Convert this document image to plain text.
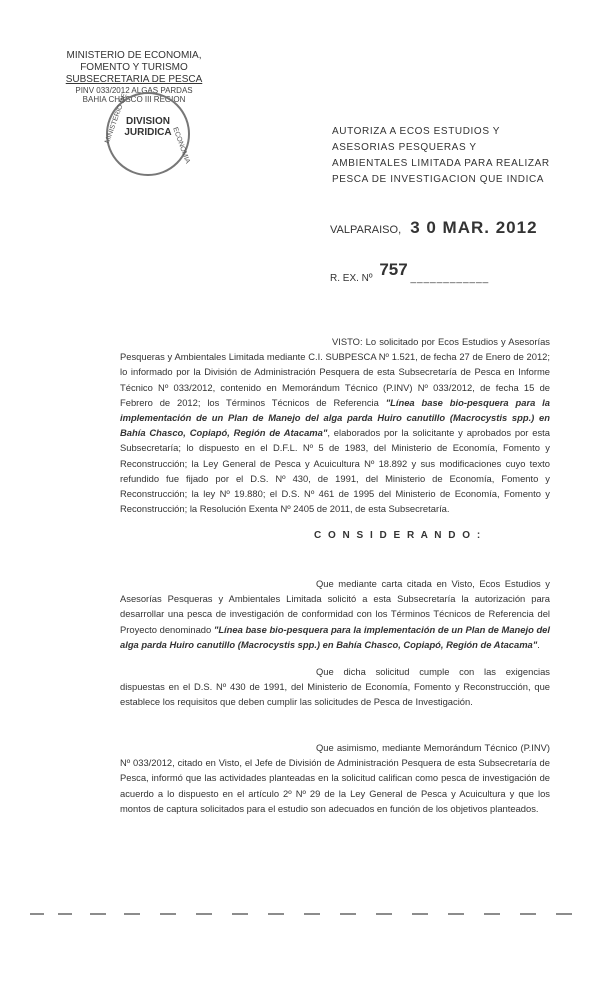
MINISTERIO DE ECONOMIA,
FOMENTO Y TURISMO
SUBSECRETARIA DE PESCA
PINV 033/2012 ALGAS PARDAS
BAHIA CHASCO III REGION
MINISTERIO DE
ECONOMIA
DIVISION
JURIDICA	AUTORIZA A ECOS ESTUDIOS Y ASESORIAS PESQUERAS Y AMBIENTALES LIMITADA PARA REALIZAR PESCA DE INVESTIGACION QUE INDICA
VALPARAISO, 3 0 MAR. 2012
R. EX. Nº 757 ____________
VISTO: Lo solicitado por Ecos Estudios y Asesorías Pesqueras y Ambientales Limitada mediante C.I. SUBPESCA Nº 1.521, de fecha 27 de Enero de 2012; lo informado por la División de Administración Pesquera de esta Subsecretaría de Pesca en Informe Técnico Nº 033/2012, contenido en Memorándum Técnico (P.INV) Nº 033/2012, de fecha 15 de Febrero de 2012; los Términos Técnicos de Referencia "Línea base bio-pesquera para la implementación de un Plan de Manejo del alga parda Huiro canutillo (Macrocystis spp.) en Bahía Chasco, Copiapó, Región de Atacama", elaborados por la solicitante y aprobados por esta Subsecretaría; lo dispuesto en el D.F.L. Nº 5 de 1983, del Ministerio de Economía, Fomento y Reconstrucción; la Ley General de Pesca y Acuicultura Nº 18.892 y sus modificaciones cuyo texto refundido fue fijado por el D.S. Nº 430, de 1991, del Ministerio de Economía, Fomento y Reconstrucción; la ley Nº 19.880; el D.S. Nº 461 de 1995 del Ministerio de Economía, Fomento y Reconstrucción; la Resolución Exenta Nº 2405 de 2011, de esta Subsecretaría.
C O N S I D E R A N D O :
Que mediante carta citada en Visto, Ecos Estudios y Asesorías Pesqueras y Ambientales Limitada solicitó a esta Subsecretaría la autorización para desarrollar una pesca de investigación de conformidad con los Términos Técnicos de Referencia del Proyecto denominado "Línea base bio-pesquera para la implementación de un Plan de Manejo del alga parda Huiro canutillo (Macrocystis spp.) en Bahía Chasco, Copiapó, Región de Atacama".
Que dicha solicitud cumple con las exigencias dispuestas en el D.S. Nº 430 de 1991, del Ministerio de Economía, Fomento y Reconstrucción, que establece los requisitos que deben cumplir las solicitudes de Pesca de Investigación.
Que asimismo, mediante Memorándum Técnico (P.INV) Nº 033/2012, citado en Visto, el Jefe de División de Administración Pesquera de esta Subsecretaría de Pesca, informó que las actividades planteadas en la solicitud califican como pesca de investigación de acuerdo a lo dispuesto en el artículo 2º Nº 29 de la Ley General de Pesca y Acuicultura y que los montos de captura solicitados para el estudio son adecuados en función de los objetivos planteados.
